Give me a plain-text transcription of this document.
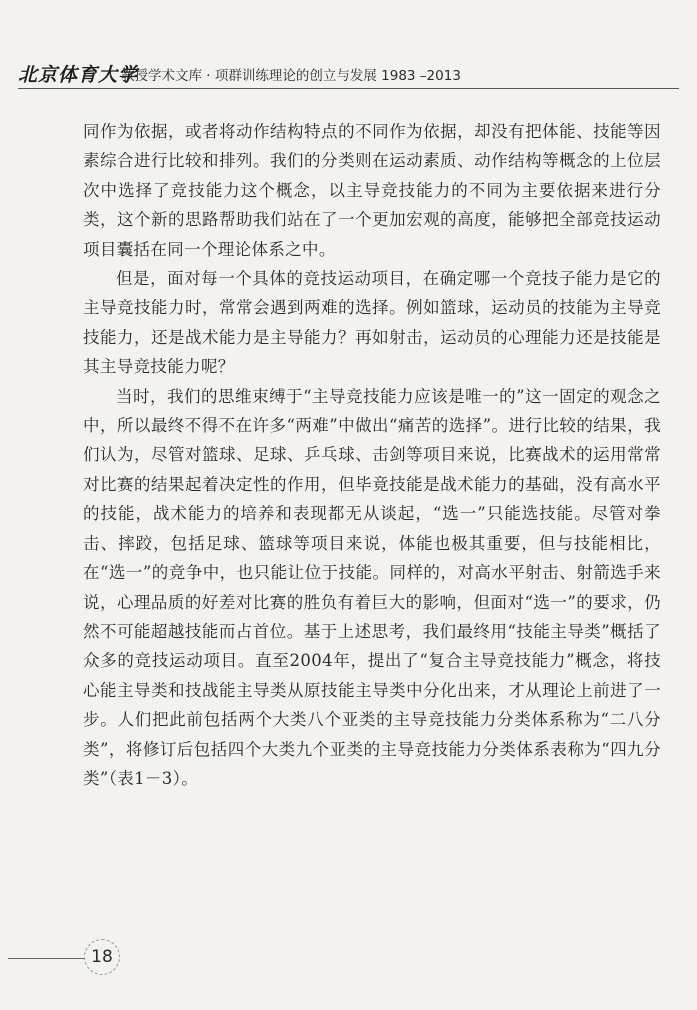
北京体育大学
教授学术文库 · 项群训练理论的创立与发展 1983 –2013

同作为依据，或者将动作结构特点的不同作为依据，却没有把体能、技能等因素综合进行比较和排列。我们的分类则在运动素质、动作结构等概念的上位层次中选择了竞技能力这个概念，以主导竞技能力的不同为主要依据来进行分类，这个新的思路帮助我们站在了一个更加宏观的高度，能够把全部竞技运动项目囊括在同一个理论体系之中。

但是，面对每一个具体的竞技运动项目，在确定哪一个竞技子能力是它的主导竞技能力时，常常会遇到两难的选择。例如篮球，运动员的技能为主导竞技能力，还是战术能力是主导能力？再如射击，运动员的心理能力还是技能是其主导竞技能力呢？

当时，我们的思维束缚于“主导竞技能力应该是唯一的”这一固定的观念之中，所以最终不得不在许多“两难”中做出“痛苦的选择”。进行比较的结果，我们认为，尽管对篮球、足球、乒乓球、击剑等项目来说，比赛战术的运用常常对比赛的结果起着决定性的作用，但毕竟技能是战术能力的基础，没有高水平的技能，战术能力的培养和表现都无从谈起，“选一”只能选技能。尽管对拳击、摔跤，包括足球、篮球等项目来说，体能也极其重要，但与技能相比，在“选一”的竞争中，也只能让位于技能。同样的，对高水平射击、射箭选手来说，心理品质的好差对比赛的胜负有着巨大的影响，但面对“选一”的要求，仍然不可能超越技能而占首位。基于上述思考，我们最终用“技能主导类”概括了众多的竞技运动项目。直至2004年，提出了“复合主导竞技能力”概念，将技心能主导类和技战能主导类从原技能主导类中分化出来，才从理论上前进了一步。人们把此前包括两个大类八个亚类的主导竞技能力分类体系称为“二八分类”，将修订后包括四个大类九个亚类的主导竞技能力分类体系表称为“四九分类”（表1－3）。

18
